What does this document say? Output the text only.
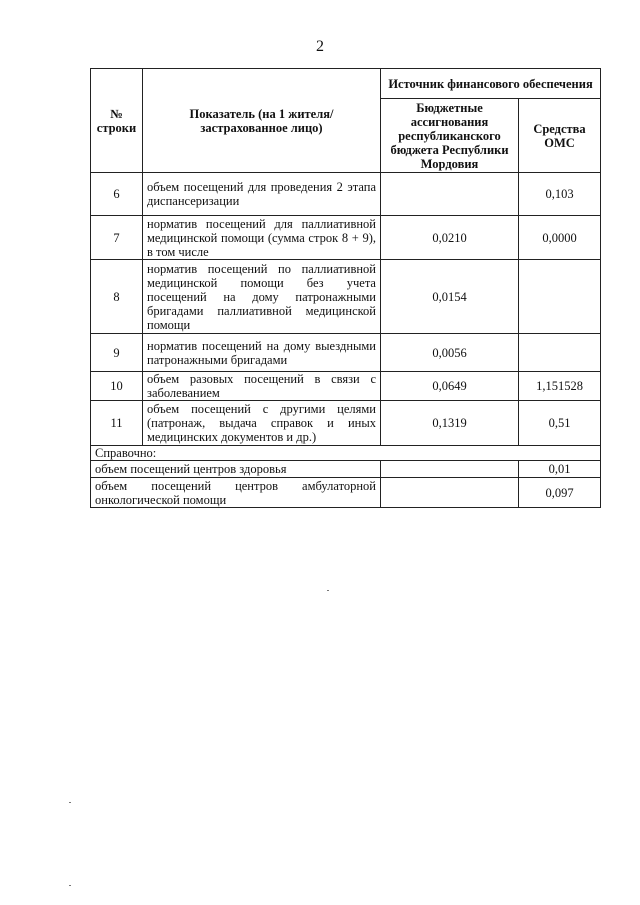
2
№ строки	Показатель (на 1 жителя/застрахованное лицо)	Источник финансового обеспечения	
		Бюджетные ассигнования республиканского бюджета Республики Мордовия	Средства ОМС
6	объем посещений для проведения 2 этапа диспансеризации		0,103
7	норматив посещений для паллиативной медицинской помощи (сумма строк 8 + 9), в том числе	0,0210	0,0000
8	норматив посещений по паллиативной медицинской помощи без учета посещений на дому патронажными бригадами паллиативной медицинской помощи	0,0154	
9	норматив посещений на дому выездными патронажными бригадами	0,0056	
10	объем разовых посещений в связи с заболеванием	0,0649	1,151528
11	объем посещений с другими целями (патронаж, выдача справок и иных медицинских документов и др.)	0,1319	0,51
Справочно:			
объем посещений центров здоровья			0,01
объем посещений центров амбулаторной онкологической помощи			0,097
